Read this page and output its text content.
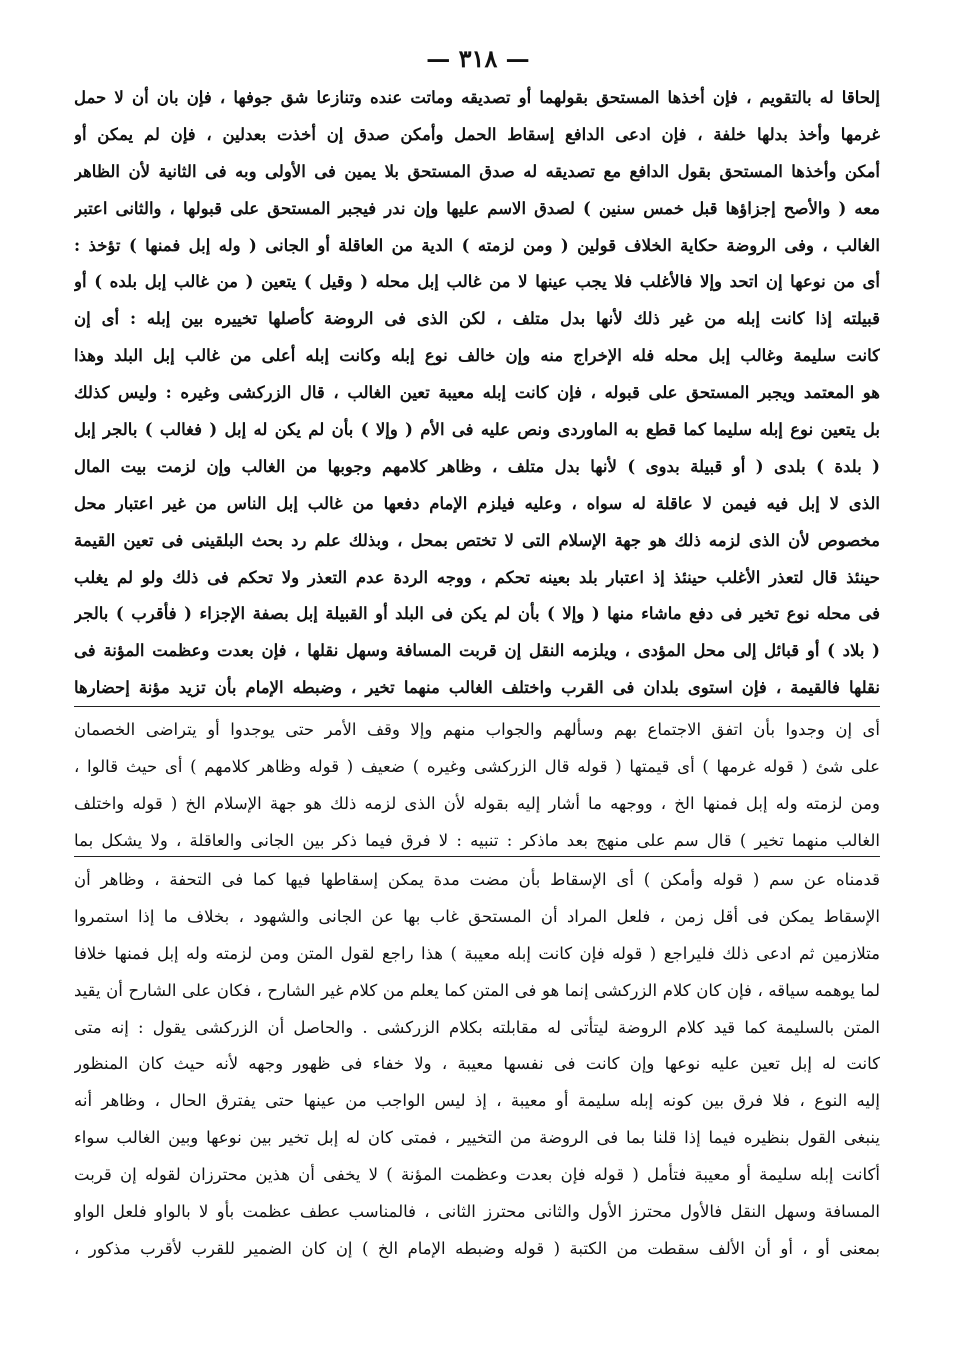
— ٣١٨ —
إلحاقا له بالتقويم ، فإن أخذها المستحق بقولهما أو تصديقه وماتت عنده وتنازعا شق جوفها ، فإن بان أن لا حمل
غرمها وأخذ بدلها خلفة ، فإن ادعى الدافع إسقاط الحمل وأمكن صدق إن أخذت بعدلين ، فإن لم يمكن أو
أمكن وأخذها المستحق بقول الدافع مع تصديقه له صدق المستحق بلا يمين فى الأولى وبه فى الثانية لأن الظاهر
معه ( والأصح إجزاؤها قبل خمس سنين ) لصدق الاسم عليها وإن ندر فيجبر المستحق على قبولها ، والثانى اعتبر
الغالب ، وفى الروضة حكاية الخلاف قولين ( ومن لزمته ) الدية من العاقلة أو الجانى ( وله إبل فمنها ) تؤخذ :
أى من نوعها إن اتحد وإلا فالأغلب فلا يجب عينها لا من غالب إبل محله ( وقيل ) يتعين ( من غالب إبل بلده ) أو
قبيلته إذا كانت إبله من غير ذلك لأنها بدل متلف ، لكن الذى فى الروضة كأصلها تخييره بين إبله : أى إن
كانت سليمة وغالب إبل محله فله الإخراج منه وإن خالف نوع إبله وكانت إبله أعلى من غالب إبل البلد وهذا
هو المعتمد ويجبر المستحق على قبوله ، فإن كانت إبله معيبة تعين الغالب ، قال الزركشى وغيره : وليس كذلك
بل يتعين نوع إبله سليما كما قطع به الماوردى ونص عليه فى الأم ( وإلا ) بأن لم يكن له إبل ( فغالب ) بالجر إبل
( بلدة ) بلدى ( أو قبيلة بدوى ) لأنها بدل متلف ، وظاهر كلامهم وجوبها من الغالب وإن لزمت بيت المال
الذى لا إبل فيه فيمن لا عاقلة له سواه ، وعليه فيلزم الإمام دفعها من غالب إبل الناس من غير اعتبار محل
مخصوص لأن الذى لزمه ذلك هو جهة الإسلام التى لا تختص بمحل ، وبذلك علم رد بحث البلقينى فى تعين القيمة
حينئذ قال لتعذر الأغلب حينئذ إذ اعتبار بلد بعينه تحكم ، ووجه الردة عدم التعذر ولا تحكم فى ذلك ولو لم يغلب
فى محله نوع تخير فى دفع ماشاء منها ( وإلا ) بأن لم يكن فى البلد أو القبيلة إبل بصفة الإجزاء ( فأقرب ) بالجر
( بلاد ) أو قبائل إلى محل المؤدى ، ويلزمه النقل إن قربت المسافة وسهل نقلها ، فإن بعدت وعظمت المؤنة فى
نقلها فالقيمة ، فإن استوى بلدان فى القرب واختلف الغالب منهما تخير ، وضبطه الإمام بأن تزيد مؤنة إحضارها
أى إن وجدوا بأن اتفق الاجتماع بهم وسألهم والجواب منهم وإلا وقف الأمر حتى يوجدوا أو يتراضى الخصمان
على شئ ( قوله غرمها ) أى قيمتها ( قوله قال الزركشى وغيره ) ضعيف ( قوله وظاهر كلامهم ) أى حيث قالوا ،
ومن لزمته وله إبل فمنها الخ ، ووجهه ما أشار إليه بقوله لأن الذى لزمه ذلك هو جهة الإسلام الخ ( قوله واختلف
الغالب منهما تخير ) قال سم على منهج بعد ماذكر : تنبيه : لا فرق فيما ذكر بين الجانى والعاقلة ، ولا يشكل بما
قدمناه عن سم ( قوله وأمكن ) أى الإسقاط بأن مضت مدة يمكن إسقاطها فيها كما فى التحفة ، وظاهر أن
الإسقاط يمكن فى أقل زمن ، فلعل المراد أن المستحق غاب بها عن الجانى والشهود ، بخلاف ما إذا استمروا
متلازمين ثم ادعى ذلك فليراجع ( قوله فإن كانت إبله معيبة ) هذا راجع لقول المتن ومن لزمته وله إبل فمنها خلافا
لما يوهمه سياقه ، فإن كان كلام الزركشى إنما هو فى المتن كما يعلم من كلام غير الشارح ، فكان على الشارح أن يقيد
المتن بالسليمة كما قيد كلام الروضة ليتأتى له مقابلته بكلام الزركشى . والحاصل أن الزركشى يقول : إنه متى
كانت له إبل تعين عليه نوعها وإن كانت فى نفسها معيبة ، ولا خفاء فى ظهور وجهه لأنه حيث كان المنظور
إليه النوع ، فلا فرق بين كونه إبله سليمة أو معيبة ، إذ ليس الواجب من عينها حتى يفترق الحال ، وظاهر أنه
ينبغى القول بنظيره فيما إذا قلنا بما فى الروضة من التخيير ، فمتى كان له إبل تخير بين نوعها وبين الغالب سواء
أكانت إبله سليمة أو معيبة فتأمل ( قوله فإن بعدت وعظمت المؤنة ) لا يخفى أن هذين محترزان لقوله إن قربت
المسافة وسهل النقل فالأول محترز الأول والثانى محترز الثانى ، فالمناسب عطف عظمت بأو لا بالواو فلعل الواو
بمعنى أو ، أو أن الألف سقطت من الكتبة ( قوله وضبطه الإمام الخ ) إن كان الضمير للقرب لأقرب مذكور ،
